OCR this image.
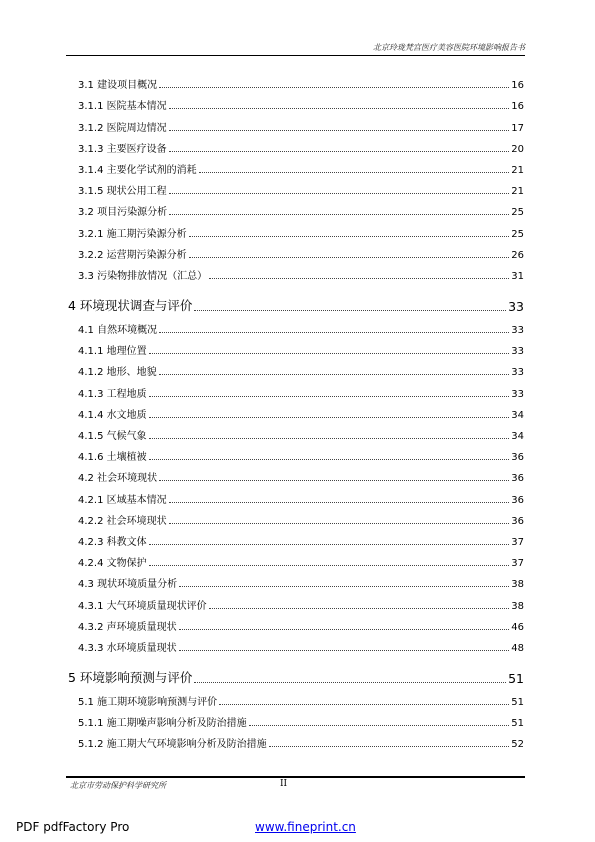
北京玲珑梵宫医疗美容医院环境影响报告书
3.1 建设项目概况	16
3.1.1 医院基本情况	16
3.1.2 医院周边情况	17
3.1.3 主要医疗设备	20
3.1.4 主要化学试剂的消耗	21
3.1.5 现状公用工程	21
3.2 项目污染源分析	25
3.2.1 施工期污染源分析	25
3.2.2 运营期污染源分析	26
3.3 污染物排放情况（汇总）	31
4 环境现状调查与评价	33
4.1 自然环境概况	33
4.1.1 地理位置	33
4.1.2 地形、地貌	33
4.1.3 工程地质	33
4.1.4 水文地质	34
4.1.5 气候气象	34
4.1.6 土壤植被	36
4.2 社会环境现状	36
4.2.1 区域基本情况	36
4.2.2 社会环境现状	36
4.2.3 科教文体	37
4.2.4 文物保护	37
4.3 现状环境质量分析	38
4.3.1 大气环境质量现状评价	38
4.3.2 声环境质量现状	46
4.3.3 水环境质量现状	48
5 环境影响预测与评价	51
5.1 施工期环境影响预测与评价	51
5.1.1 施工期噪声影响分析及防治措施	51
5.1.2 施工期大气环境影响分析及防治措施	52
北京市劳动保护科学研究所	II
PDF pdfFactory Pro	www.fineprint.cn
